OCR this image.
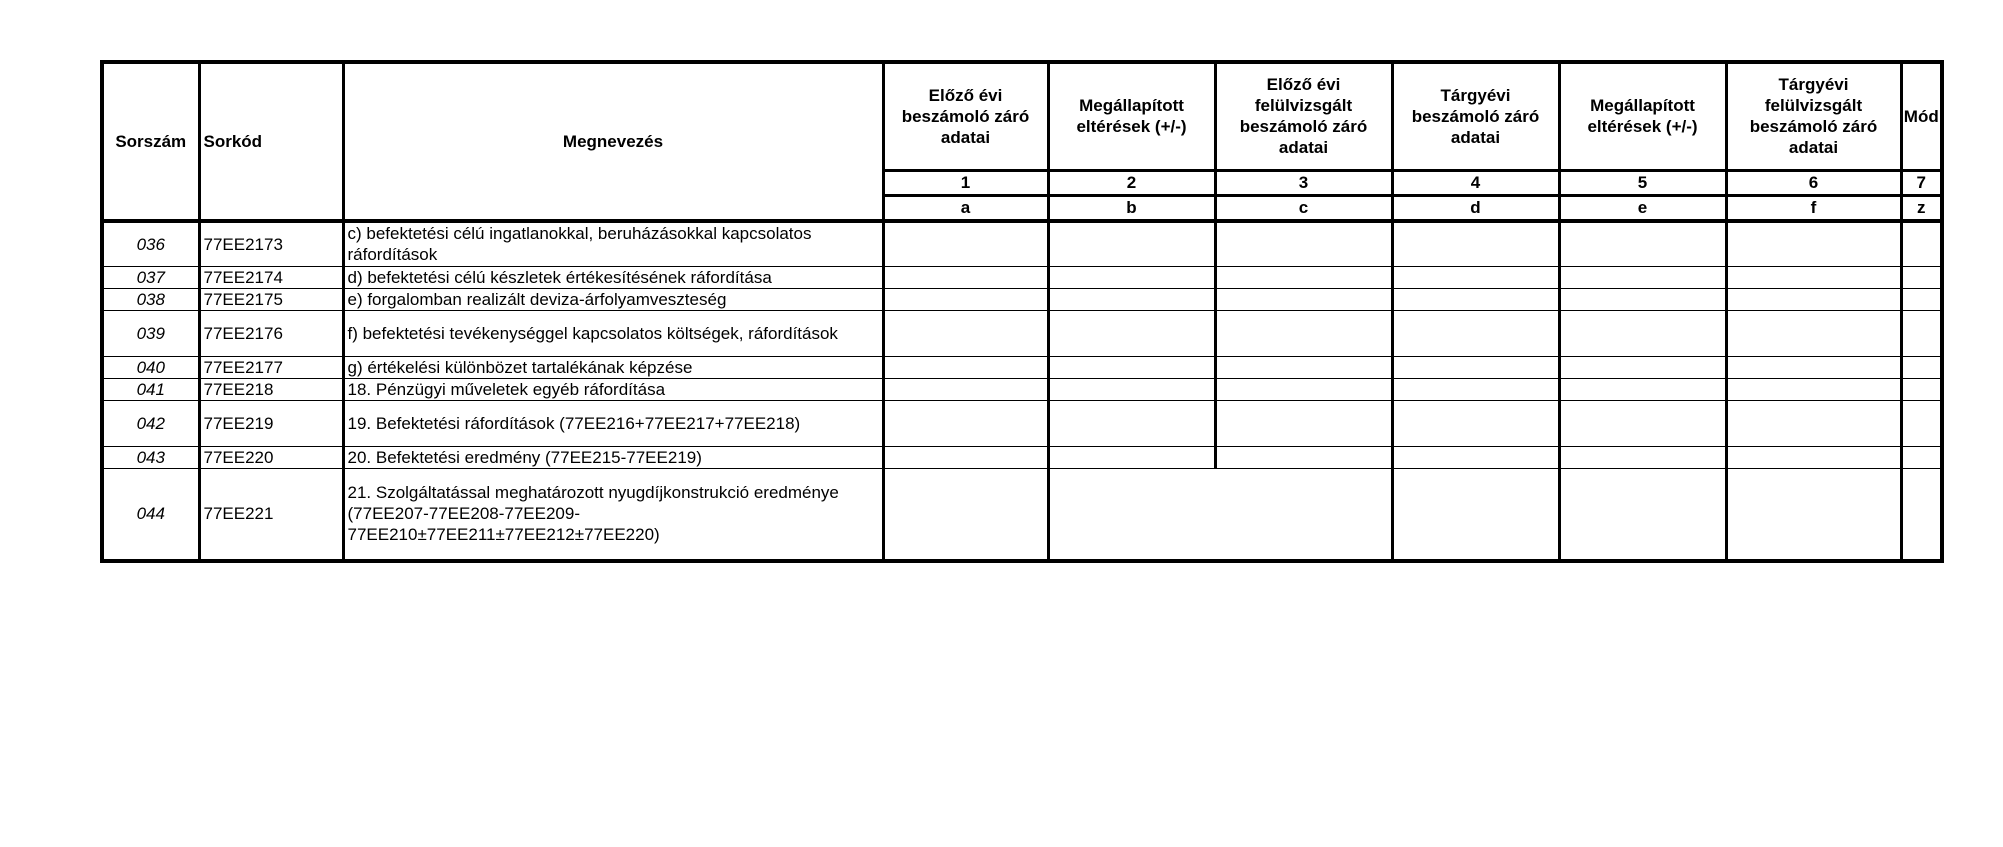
Sorszám	Sorkód	Megnevezés	Előző évi beszámoló záró adatai	Megállapított eltérések (+/-)	Előző évi felülvizsgált beszámoló záró adatai	Tárgyévi beszámoló záró adatai	Megállapított eltérések (+/-)	Tárgyévi felülvizsgált beszámoló záró adatai	Mód
			1	2	3	4	5	6	7
			a	b	c	d	e	f	z
036	77EE2173	c) befektetési célú ingatlanokkal, beruházásokkal kapcsolatos ráfordítások							
037	77EE2174	d) befektetési célú készletek értékesítésének ráfordítása							
038	77EE2175	e) forgalomban realizált deviza-árfolyamveszteség							
039	77EE2176	f) befektetési tevékenységgel kapcsolatos költségek, ráfordítások							
040	77EE2177	g) értékelési különbözet tartalékának képzése							
041	77EE218	18. Pénzügyi műveletek egyéb ráfordítása							
042	77EE219	19. Befektetési ráfordítások (77EE216+77EE217+77EE218)							
043	77EE220	20. Befektetési eredmény (77EE215-77EE219)							
044	77EE221	21. Szolgáltatással meghatározott nyugdíjkonstrukció eredménye (77EE207-77EE208-77EE209-77EE210±77EE211±77EE212±77EE220)							
